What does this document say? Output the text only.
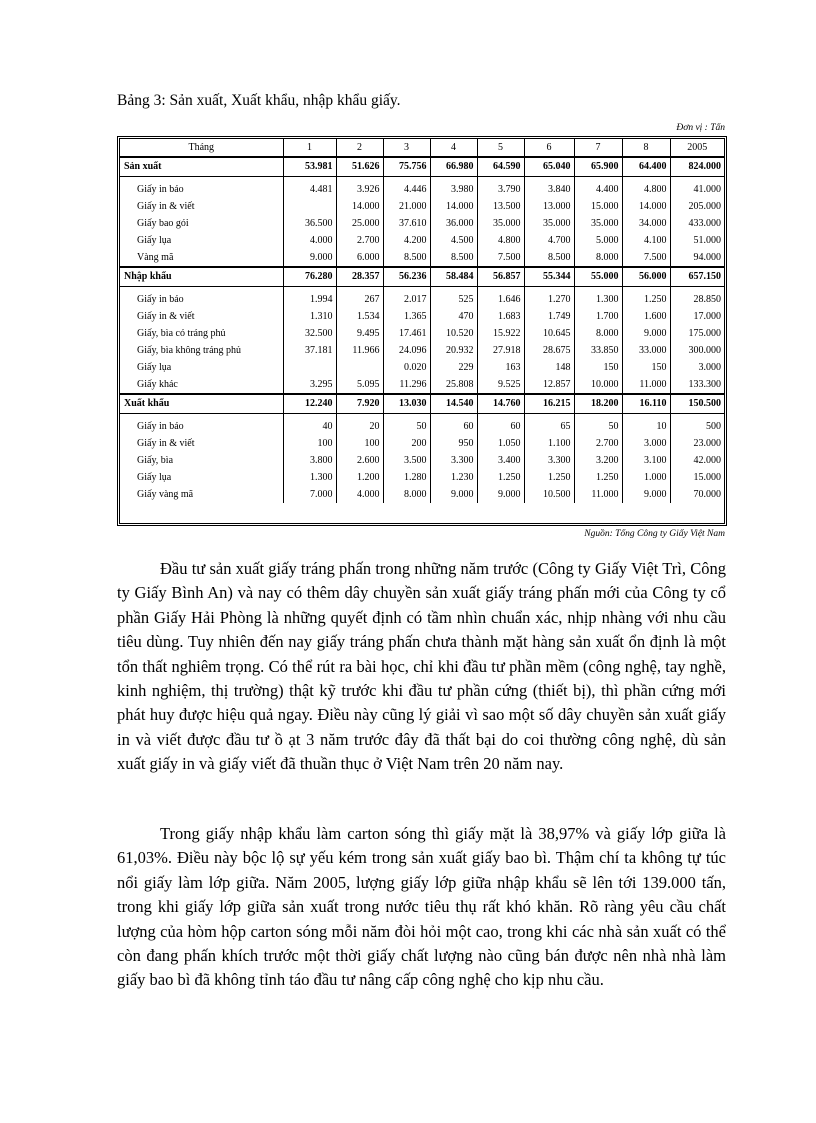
Bảng 3: Sản xuất, Xuất khẩu, nhập khẩu giấy.
Đơn vị : Tấn
Tháng	1	2	3	4	5	6	7	8	2005
Sản xuất	53.981	51.626	75.756	66.980	64.590	65.040	65.900	64.400	824.000
Giấy in báo	4.481	3.926	4.446	3.980	3.790	3.840	4.400	4.800	41.000
Giấy in & viết		14.000	21.000	14.000	13.500	13.000	15.000	14.000	205.000
Giấy bao gói	36.500	25.000	37.610	36.000	35.000	35.000	35.000	34.000	433.000
Giấy lụa	4.000	2.700	4.200	4.500	4.800	4.700	5.000	4.100	51.000
Vàng mã	9.000	6.000	8.500	8.500	7.500	8.500	8.000	7.500	94.000
Nhập khẩu	76.280	28.357	56.236	58.484	56.857	55.344	55.000	56.000	657.150
Giấy in báo	1.994	267	2.017	525	1.646	1.270	1.300	1.250	28.850
Giấy in & viết	1.310	1.534	1.365	470	1.683	1.749	1.700	1.600	17.000
Giấy, bìa có tráng phủ	32.500	9.495	17.461	10.520	15.922	10.645	8.000	9.000	175.000
Giấy, bìa không tráng phủ	37.181	11.966	24.096	20.932	27.918	28.675	33.850	33.000	300.000
Giấy lụa			0.020	229	163	148	150	150	3.000
Giấy khác	3.295	5.095	11.296	25.808	9.525	12.857	10.000	11.000	133.300
Xuất khẩu	12.240	7.920	13.030	14.540	14.760	16.215	18.200	16.110	150.500
Giấy in báo	40	20	50	60	60	65	50	10	500
Giấy in & viết	100	100	200	950	1.050	1.100	2.700	3.000	23.000
Giấy, bìa	3.800	2.600	3.500	3.300	3.400	3.300	3.200	3.100	42.000
Giấy lụa	1.300	1.200	1.280	1.230	1.250	1.250	1.250	1.000	15.000
Giấy vàng mã	7.000	4.000	8.000	9.000	9.000	10.500	11.000	9.000	70.000
Nguồn: Tổng Công ty Giấy Việt Nam

Đầu tư sản xuất giấy tráng phấn trong những năm trước (Công ty Giấy Việt Trì, Công ty Giấy Bình An) và nay có thêm dây chuyền sản xuất giấy tráng phấn mới của Công ty cổ phần Giấy Hải Phòng là những quyết định có tầm nhìn chuẩn xác, nhịp nhàng với nhu cầu tiêu dùng. Tuy nhiên đến nay giấy tráng phấn chưa thành mặt hàng sản xuất ổn định là một tổn thất nghiêm trọng. Có thể rút ra bài học, chỉ khi đầu tư phần mềm (công nghệ, tay nghề, kinh nghiệm, thị trường) thật kỹ trước khi đầu tư phần cứng (thiết bị), thì phần cứng mới phát huy được hiệu quả ngay. Điều này cũng lý giải vì sao một số dây chuyền sản xuất giấy in và viết được đầu tư ồ ạt 3 năm trước đây đã thất bại do coi thường công nghệ, dù sản xuất giấy in và giấy viết đã thuần thục ở Việt Nam trên 20 năm nay.

Trong giấy nhập khẩu làm carton sóng thì giấy mặt là 38,97% và giấy lớp giữa là 61,03%. Điều này bộc lộ sự yếu kém trong sản xuất giấy bao bì. Thậm chí ta không tự túc nổi giấy làm lớp giữa. Năm 2005, lượng giấy lớp giữa nhập khẩu sẽ lên tới 139.000 tấn, trong khi giấy lớp giữa sản xuất trong nước tiêu thụ rất khó khăn. Rõ ràng yêu cầu chất lượng của hòm hộp carton sóng mỗi năm đòi hỏi một cao, trong khi các nhà sản xuất có thể còn đang phấn khích trước một thời giấy chất lượng nào cũng bán được nên nhà nhà làm giấy bao bì đã không tỉnh táo đầu tư nâng cấp công nghệ cho kịp nhu cầu.
